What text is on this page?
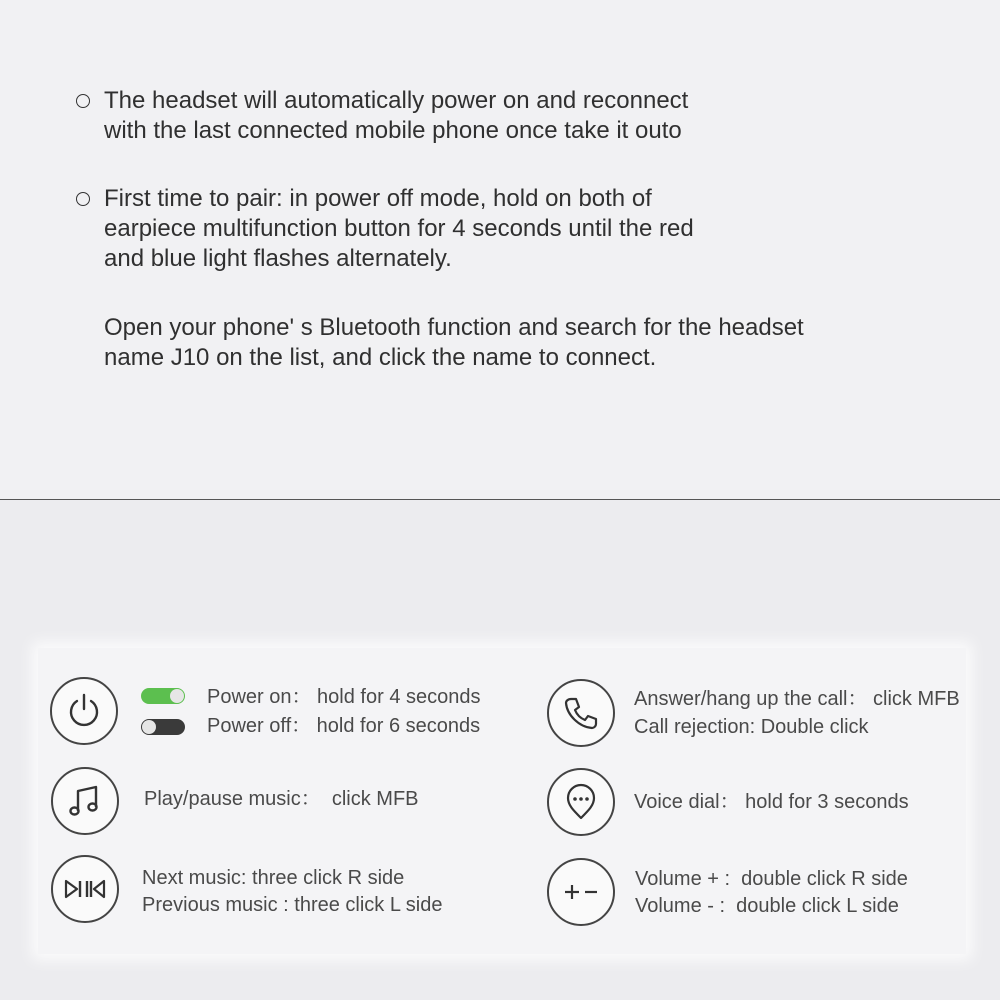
The headset will automatically power on and reconnect
with the last connected mobile phone once take it outo
First time to pair: in power off mode, hold on both of
earpiece multifunction button for 4 seconds until the red
and blue light flashes alternately.
Open your phone' s Bluetooth function and search for the headset
name J10 on the list, and click the name to connect.
Power on： hold for 4 seconds
Power off： hold for 6 seconds
Play/pause music：  click MFB
Next music: three click R side
Previous music : three click L side
Answer/hang up the call： click MFB
Call rejection: Double click
Voice dial： hold for 3 seconds
Volume + :  double click R side
Volume - :  double click L side
